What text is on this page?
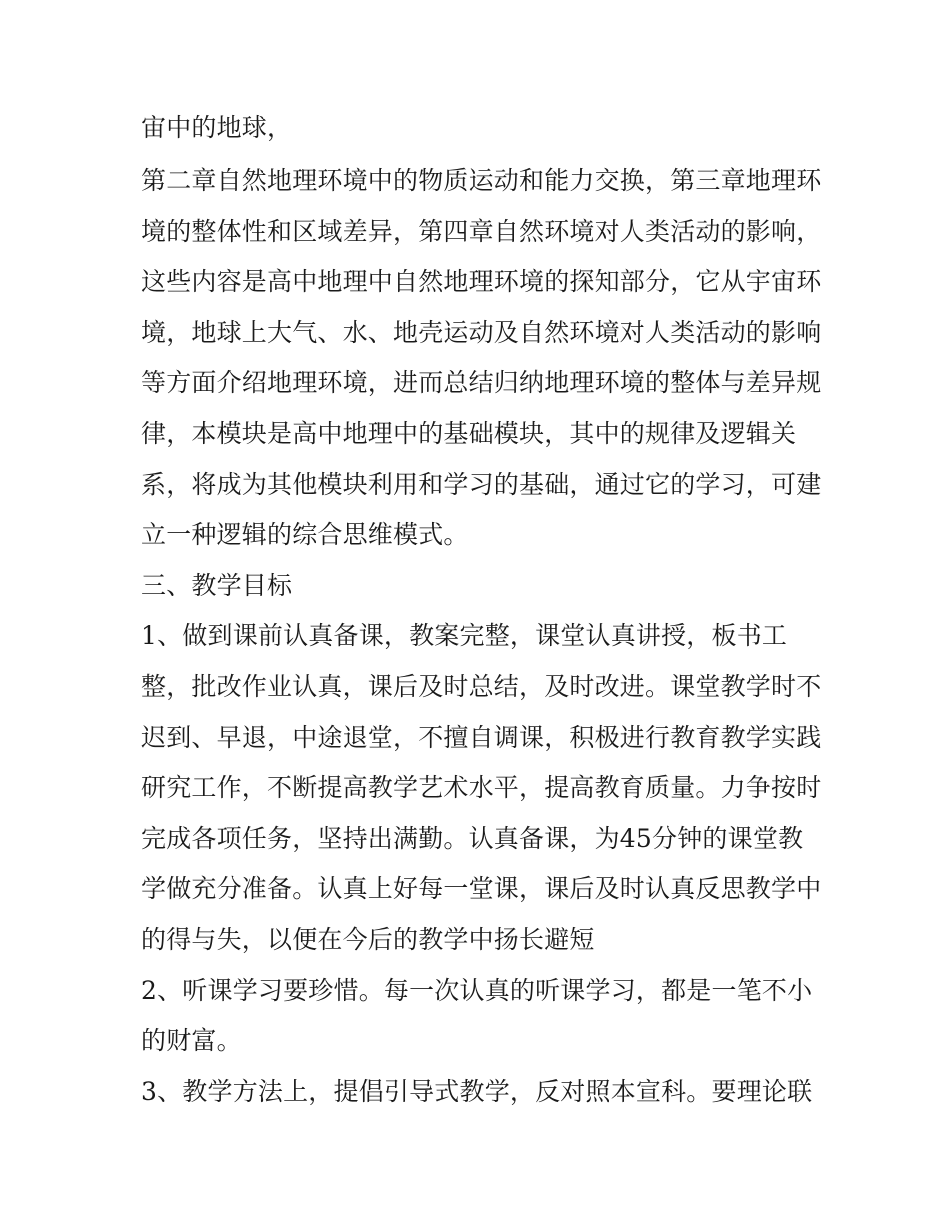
宙中的地球，
第二章自然地理环境中的物质运动和能力交换，第三章地理环
境的整体性和区域差异，第四章自然环境对人类活动的影响，
这些内容是高中地理中自然地理环境的探知部分，它从宇宙环
境，地球上大气、水、地壳运动及自然环境对人类活动的影响
等方面介绍地理环境，进而总结归纳地理环境的整体与差异规
律，本模块是高中地理中的基础模块，其中的规律及逻辑关
系，将成为其他模块利用和学习的基础，通过它的学习，可建
立一种逻辑的综合思维模式。
三、教学目标
1、做到课前认真备课，教案完整，课堂认真讲授，板书工
整，批改作业认真，课后及时总结，及时改进。课堂教学时不
迟到、早退，中途退堂，不擅自调课，积极进行教育教学实践
研究工作，不断提高教学艺术水平，提高教育质量。力争按时
完成各项任务，坚持出满勤。认真备课，为45分钟的课堂教
学做充分准备。认真上好每一堂课，课后及时认真反思教学中
的得与失，以便在今后的教学中扬长避短
2、听课学习要珍惜。每一次认真的听课学习，都是一笔不小
的财富。
3、教学方法上，提倡引导式教学，反对照本宣科。要理论联
